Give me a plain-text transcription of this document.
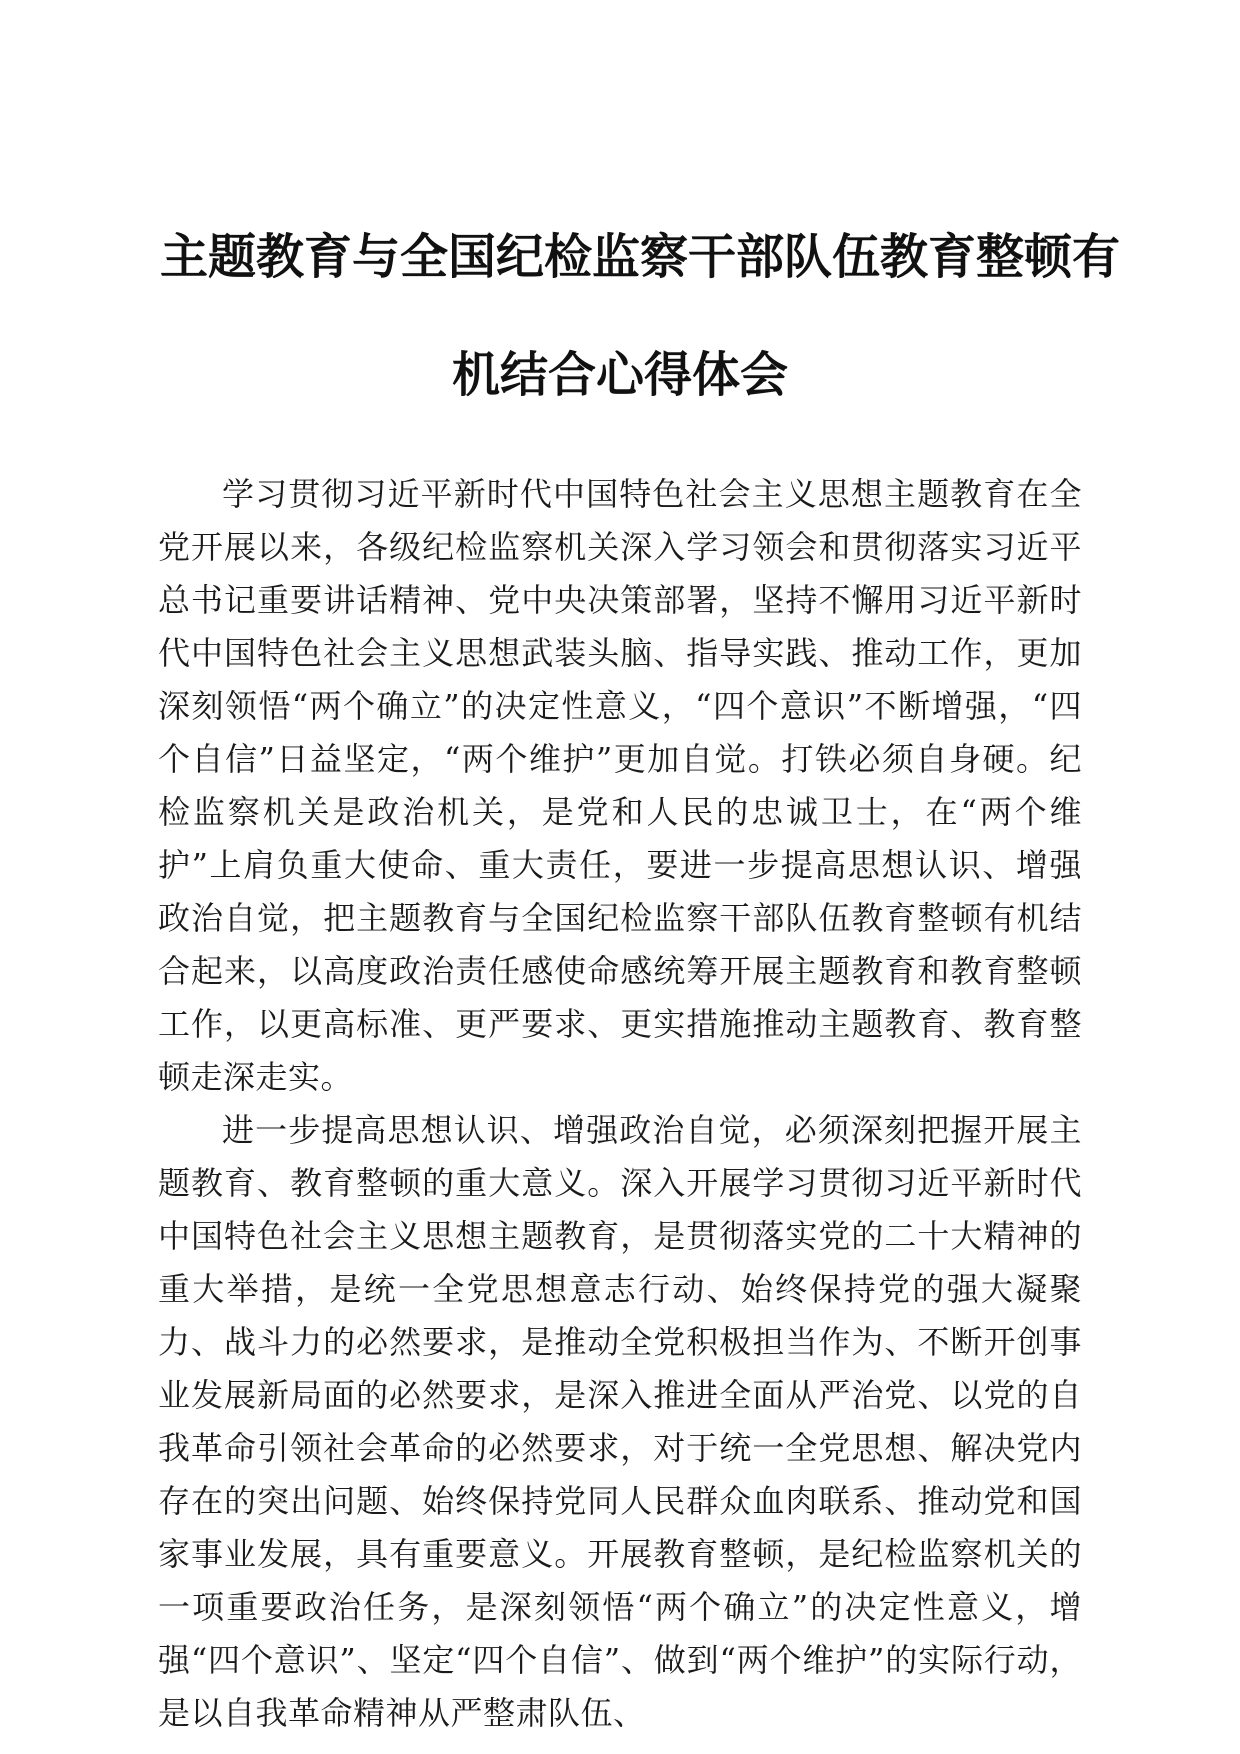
主题教育与全国纪检监察干部队伍教育整顿有
机结合心得体会

学习贯彻习近平新时代中国特色社会主义思想主题教育在全党开展以来，各级纪检监察机关深入学习领会和贯彻落实习近平总书记重要讲话精神、党中央决策部署，坚持不懈用习近平新时代中国特色社会主义思想武装头脑、指导实践、推动工作，更加深刻领悟“两个确立”的决定性意义，“四个意识”不断增强，“四个自信”日益坚定，“两个维护”更加自觉。打铁必须自身硬。纪检监察机关是政治机关，是党和人民的忠诚卫士，在“两个维护”上肩负重大使命、重大责任，要进一步提高思想认识、增强政治自觉，把主题教育与全国纪检监察干部队伍教育整顿有机结合起来，以高度政治责任感使命感统筹开展主题教育和教育整顿工作，以更高标准、更严要求、更实措施推动主题教育、教育整顿走深走实。

进一步提高思想认识、增强政治自觉，必须深刻把握开展主题教育、教育整顿的重大意义。深入开展学习贯彻习近平新时代中国特色社会主义思想主题教育，是贯彻落实党的二十大精神的重大举措，是统一全党思想意志行动、始终保持党的强大凝聚力、战斗力的必然要求，是推动全党积极担当作为、不断开创事业发展新局面的必然要求，是深入推进全面从严治党、以党的自我革命引领社会革命的必然要求，对于统一全党思想、解决党内存在的突出问题、始终保持党同人民群众血肉联系、推动党和国家事业发展，具有重要意义。开展教育整顿，是纪检监察机关的一项重要政治任务，是深刻领悟“两个确立”的决定性意义，增强“四个意识”、坚定“四个自信”、做到“两个维护”的实际行动，是以自我革命精神从严整肃队伍、
